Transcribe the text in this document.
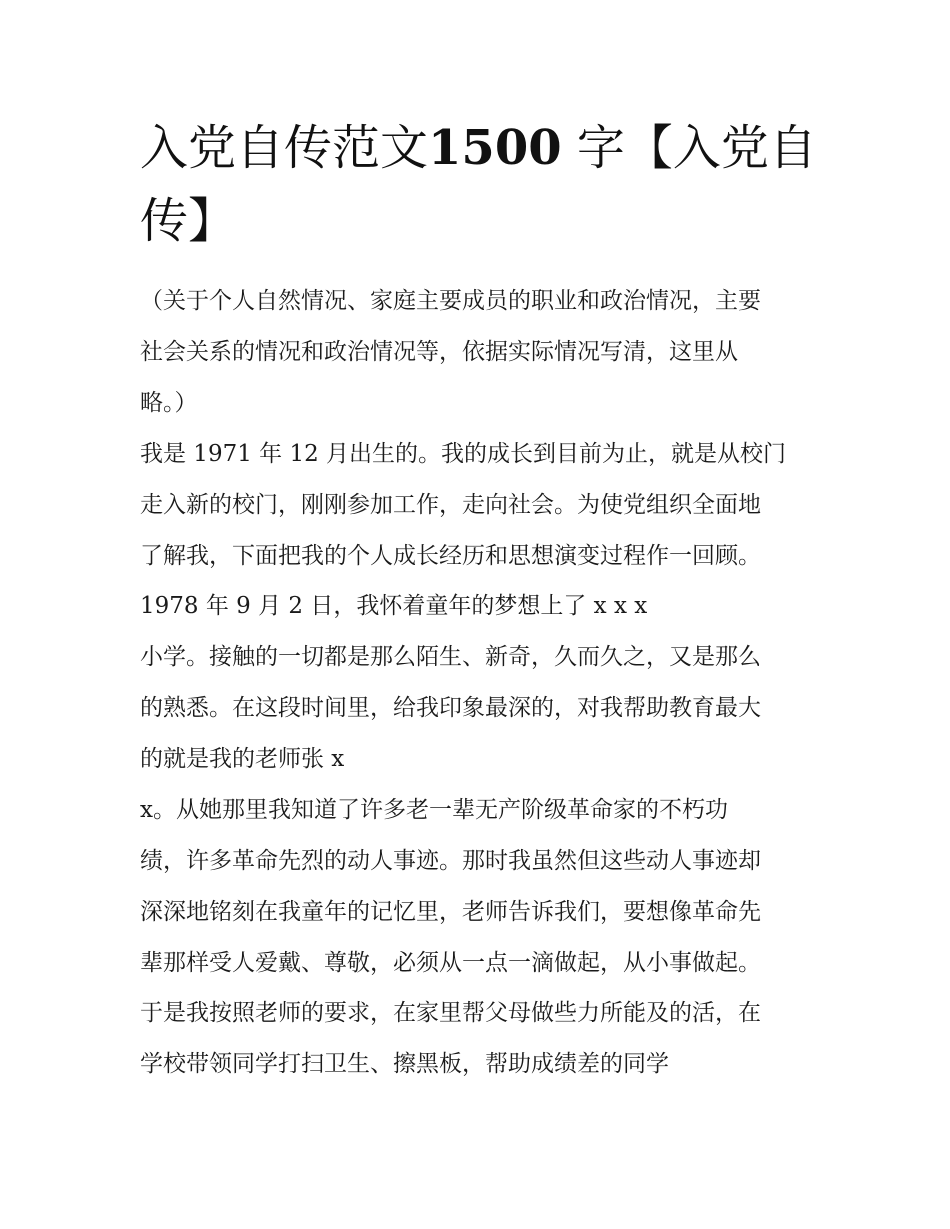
入党自传范文1500 字【入党自
传】

（关于个人自然情况、家庭主要成员的职业和政治情况，主要

社会关系的情况和政治情况等，依据实际情况写清，这里从

略。）

我是 1971 年 12 月出生的。我的成长到目前为止，就是从校门

走入新的校门，刚刚参加工作，走向社会。为使党组织全面地

了解我，下面把我的个人成长经历和思想演变过程作一回顾。

1978 年 9 月 2 日，我怀着童年的梦想上了 x x x

小学。接触的一切都是那么陌生、新奇，久而久之，又是那么

的熟悉。在这段时间里，给我印象最深的，对我帮助教育最大

的就是我的老师张 x

x。从她那里我知道了许多老一辈无产阶级革命家的不朽功

绩，许多革命先烈的动人事迹。那时我虽然但这些动人事迹却

深深地铭刻在我童年的记忆里，老师告诉我们，要想像革命先

辈那样受人爱戴、尊敬，必须从一点一滴做起，从小事做起。

于是我按照老师的要求，在家里帮父母做些力所能及的活，在

学校带领同学打扫卫生、擦黑板，帮助成绩差的同学
